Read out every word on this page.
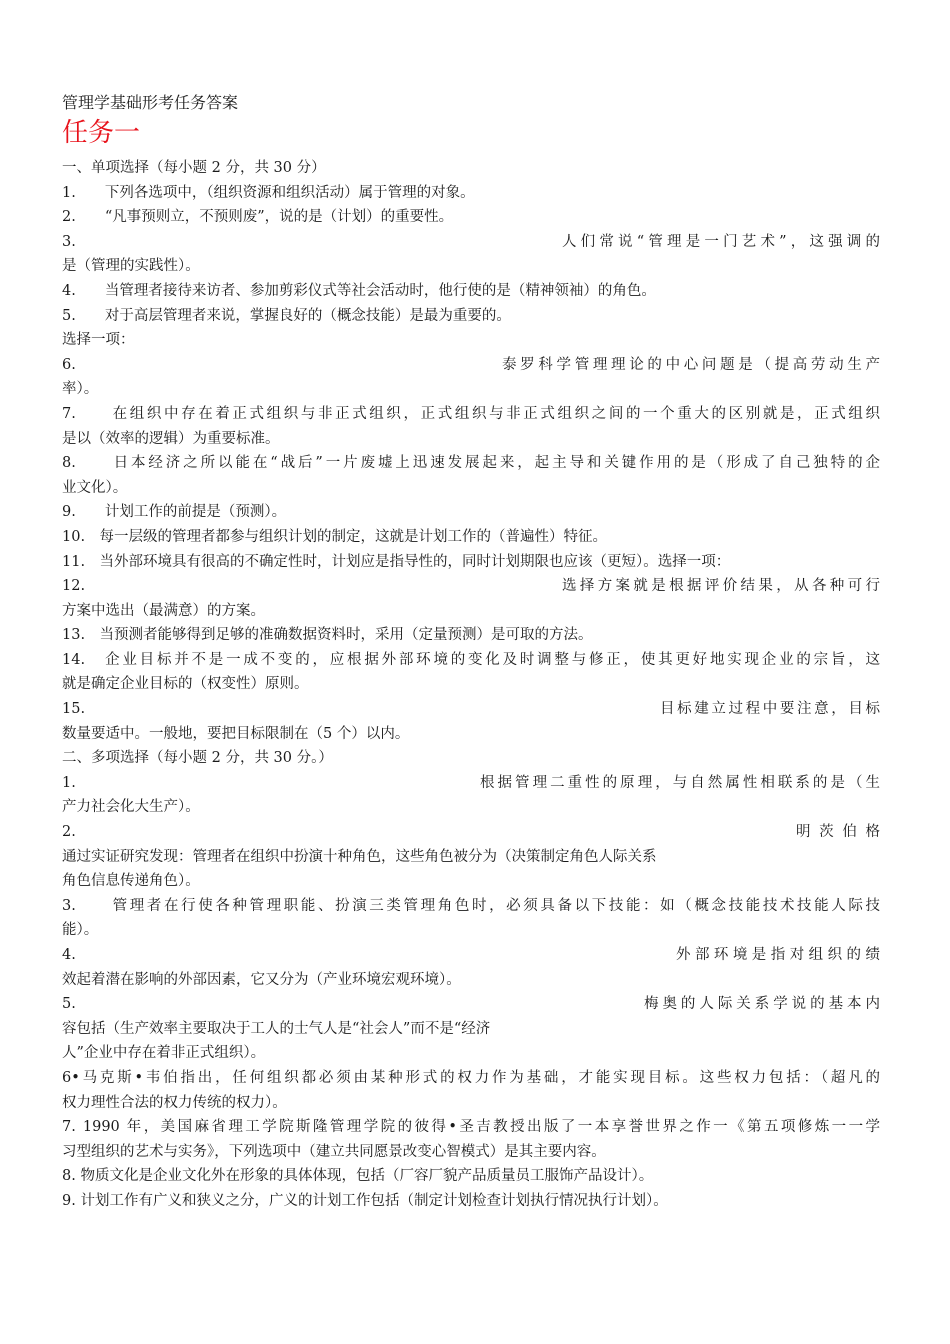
管理学基础形考任务答案
任务一

一、单项选择（每小题 2 分，共 30 分）

1.　　下列各选项中，（组织资源和组织活动）属于管理的对象。

2.　　“凡事预则立，不预则废”，说的是（计划）的重要性。

3.	人们常说“管理是一门艺术”，这强调的

是（管理的实践性）。

4.　　当管理者接待来访者、参加剪彩仪式等社会活动时，他行使的是（精神领袖）的角色。

5.　　对于高层管理者来说，掌握良好的（概念技能）是最为重要的。

选择一项：

6.	泰罗科学管理理论的中心问题是（提高劳动生产

率）。

7.　　在组织中存在着正式组织与非正式组织，正式组织与非正式组织之间的一个重大的区别就是，正式组织

是以（效率的逻辑）为重要标准。

8.　　日本经济之所以能在“战后”一片废墟上迅速发展起来，起主导和关键作用的是（形成了自己独特的企

业文化）。

9.　　计划工作的前提是（预测）。

10.　每一层级的管理者都参与组织计划的制定，这就是计划工作的（普遍性）特征。

11.　当外部环境具有很高的不确定性时，计划应是指导性的，同时计划期限也应该（更短）。选择一项：

12.	选择方案就是根据评价结果，从各种可行

方案中选出（最满意）的方案。

13.　当预测者能够得到足够的准确数据资料时，采用（定量预测）是可取的方法。

14.　企业目标并不是一成不变的，应根据外部环境的变化及时调整与修正，使其更好地实现企业的宗旨，这

就是确定企业目标的（权变性）原则。

15.	目标建立过程中要注意，目标

数量要适中。一般地，要把目标限制在（5 个）以内。

二、多项选择（每小题 2 分，共 30 分。）

1.	根据管理二重性的原理，与自然属性相联系的是（生

产力社会化大生产）。

2.	明 茨 伯 格

通过实证研究发现：管理者在组织中扮演十种角色，这些角色被分为（决策制定角色人际关系

角色信息传递角色）。

3.　　管理者在行使各种管理职能、扮演三类管理角色时，必须具备以下技能：如（概念技能技术技能人际技

能）。

4.	外部环境是指对组织的绩

效起着潜在影响的外部因素，它又分为（产业环境宏观环境）。

5.	梅奥的人际关系学说的基本内

容包括（生产效率主要取决于工人的士气人是“社会人”而不是“经济

人”企业中存在着非正式组织）。

6•马克斯•韦伯指出，任何组织都必须由某种形式的权力作为基础，才能实现目标。这些权力包括：（超凡的

权力理性合法的权力传统的权力）。

7. 1990 年，美国麻省理工学院斯隆管理学院的彼得•圣吉教授出版了一本享誉世界之作一《第五项修炼一一学

习型组织的艺术与实务》，下列选项中（建立共同愿景改变心智模式）是其主要内容。

8. 物质文化是企业文化外在形象的具体体现，包括（厂容厂貌产品质量员工服饰产品设计）。

9. 计划工作有广义和狭义之分，广义的计划工作包括（制定计划检查计划执行情况执行计划）。
